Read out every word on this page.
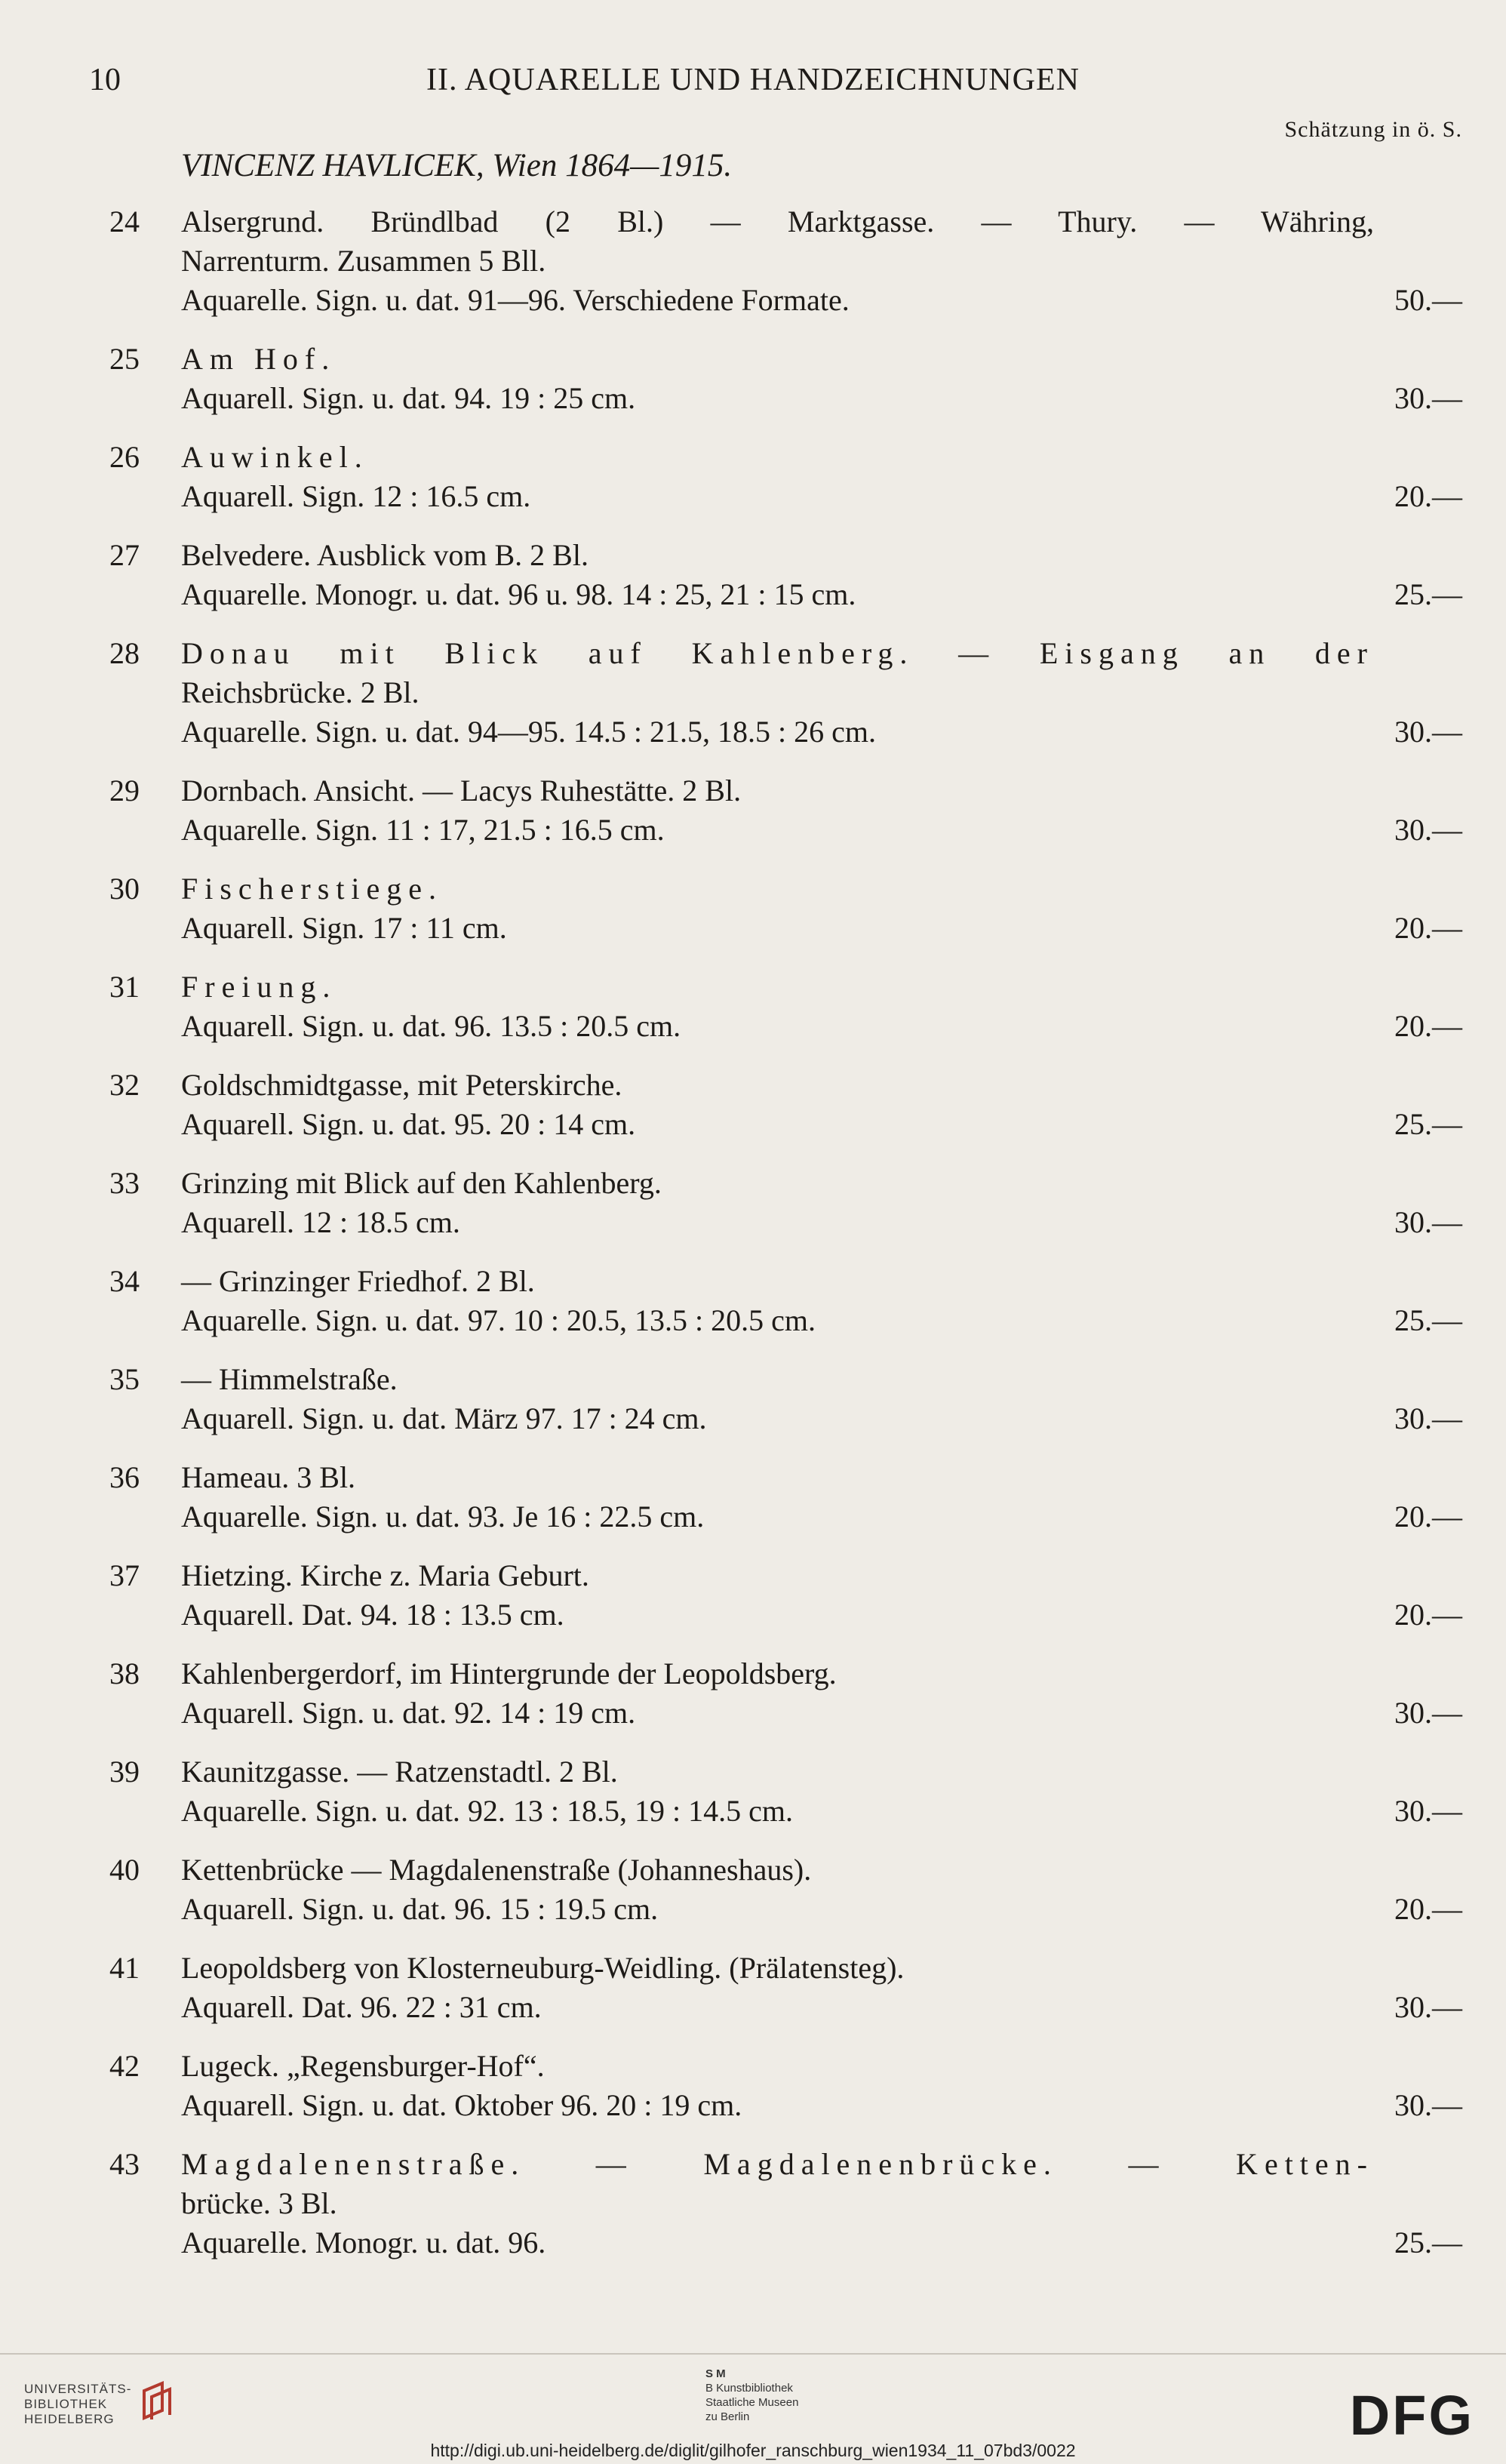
10	II. AQUARELLE UND HANDZEICHNUNGEN
Schätzung in ö. S.
VINCENZ HAVLICEK, Wien 1864—1915.
24	Alsergrund. Bründlbad (2 Bl.) — Marktgasse. — Thury. — Währing,
Narrenturm. Zusammen 5 Bll.
Aquarelle. Sign. u. dat. 91—96. Verschiedene Formate.	50.—
25	Am Hof.
Aquarell. Sign. u. dat. 94. 19 : 25 cm.	30.—
26	Auwinkel.
Aquarell. Sign. 12 : 16.5 cm.	20.—
27	Belvedere. Ausblick vom B. 2 Bl.
Aquarelle. Monogr. u. dat. 96 u. 98. 14 : 25, 21 : 15 cm.	25.—
28	Donau mit Blick auf Kahlenberg. — Eisgang an der
Reichsbrücke. 2 Bl.
Aquarelle. Sign. u. dat. 94—95. 14.5 : 21.5, 18.5 : 26 cm.	30.—
29	Dornbach. Ansicht. — Lacys Ruhestätte. 2 Bl.
Aquarelle. Sign. 11 : 17, 21.5 : 16.5 cm.	30.—
30	Fischerstiege.
Aquarell. Sign. 17 : 11 cm.	20.—
31	Freiung.
Aquarell. Sign. u. dat. 96. 13.5 : 20.5 cm.	20.—
32	Goldschmidtgasse, mit Peterskirche.
Aquarell. Sign. u. dat. 95. 20 : 14 cm.	25.—
33	Grinzing mit Blick auf den Kahlenberg.
Aquarell. 12 : 18.5 cm.	30.—
34	— Grinzinger Friedhof. 2 Bl.
Aquarelle. Sign. u. dat. 97. 10 : 20.5, 13.5 : 20.5 cm.	25.—
35	— Himmelstraße.
Aquarell. Sign. u. dat. März 97. 17 : 24 cm.	30.—
36	Hameau. 3 Bl.
Aquarelle. Sign. u. dat. 93. Je 16 : 22.5 cm.	20.—
37	Hietzing. Kirche z. Maria Geburt.
Aquarell. Dat. 94. 18 : 13.5 cm.	20.—
38	Kahlenbergerdorf, im Hintergrunde der Leopoldsberg.
Aquarell. Sign. u. dat. 92. 14 : 19 cm.	30.—
39	Kaunitzgasse. — Ratzenstadtl. 2 Bl.
Aquarelle. Sign. u. dat. 92. 13 : 18.5, 19 : 14.5 cm.	30.—
40	Kettenbrücke — Magdalenenstraße (Johanneshaus).
Aquarell. Sign. u. dat. 96. 15 : 19.5 cm.	20.—
41	Leopoldsberg von Klosterneuburg-Weidling. (Prälatensteg).
Aquarell. Dat. 96. 22 : 31 cm.	30.—
42	Lugeck. „Regensburger-Hof“.
Aquarell. Sign. u. dat. Oktober 96. 20 : 19 cm.	30.—
43	Magdalenenstraße. — Magdalenenbrücke. — Ketten-
brücke. 3 Bl.
Aquarelle. Monogr. u. dat. 96.	25.—
UNIVERSITÄTS-
BIBLIOTHEK
HEIDELBERG
S M
B Kunstbibliothek
Staatliche Museen
zu Berlin	DFG
http://digi.ub.uni-heidelberg.de/diglit/gilhofer_ranschburg_wien1934_11_07bd3/0022
